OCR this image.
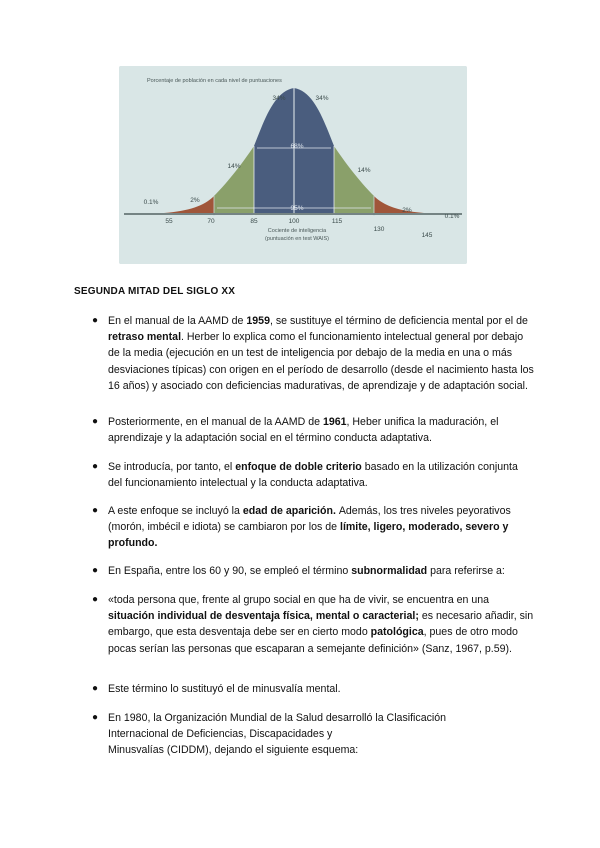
55	70	85	100	115
130
145
34%	34%
68%
14%
14%
95%
2%
2%
0.1%
0.1%
Porcentaje de población en cada nivel de puntuaciones
Cociente de inteligencia
(puntuación en test WAIS)
SEGUNDA MITAD DEL SIGLO XX
● En el manual de la AAMD de 1959, se sustituye el término de deficiencia mental por el de retraso mental. Herber lo explica como el funcionamiento intelectual general por debajo de la media (ejecución en un test de inteligencia por debajo de la media en una o más desviaciones típicas) con origen en el período de desarrollo (desde el nacimiento hasta los 16 años) y asociado con deficiencias madurativas, de aprendizaje y de adaptación social.
● Posteriormente, en el manual de la AAMD de 1961, Heber unifica la maduración, el aprendizaje y la adaptación social en el término conducta adaptativa.
● Se introducía, por tanto, el enfoque de doble criterio basado en la utilización conjunta del funcionamiento intelectual y la conducta adaptativa.
● A este enfoque se incluyó la edad de aparición. Además, los tres niveles peyorativos (morón, imbécil e idiota) se cambiaron por los de límite, ligero, moderado, severo y profundo.
● En España, entre los 60 y 90, se empleó el término subnormalidad para referirse a:
● «toda persona que, frente al grupo social en que ha de vivir, se encuentra en una situación individual de desventaja física, mental o caracterial; es necesario añadir, sin embargo, que esta desventaja debe ser en cierto modo patológica, pues de otro modo pocas serían las personas que escaparan a semejante definición» (Sanz, 1967, p.59).
● Este término lo sustituyó el de minusvalía mental.
● En 1980, la Organización Mundial de la Salud desarrolló la Clasificación Internacional de Deficiencias, Discapacidades y
Minusvalías (CIDDM), dejando el siguiente esquema:
